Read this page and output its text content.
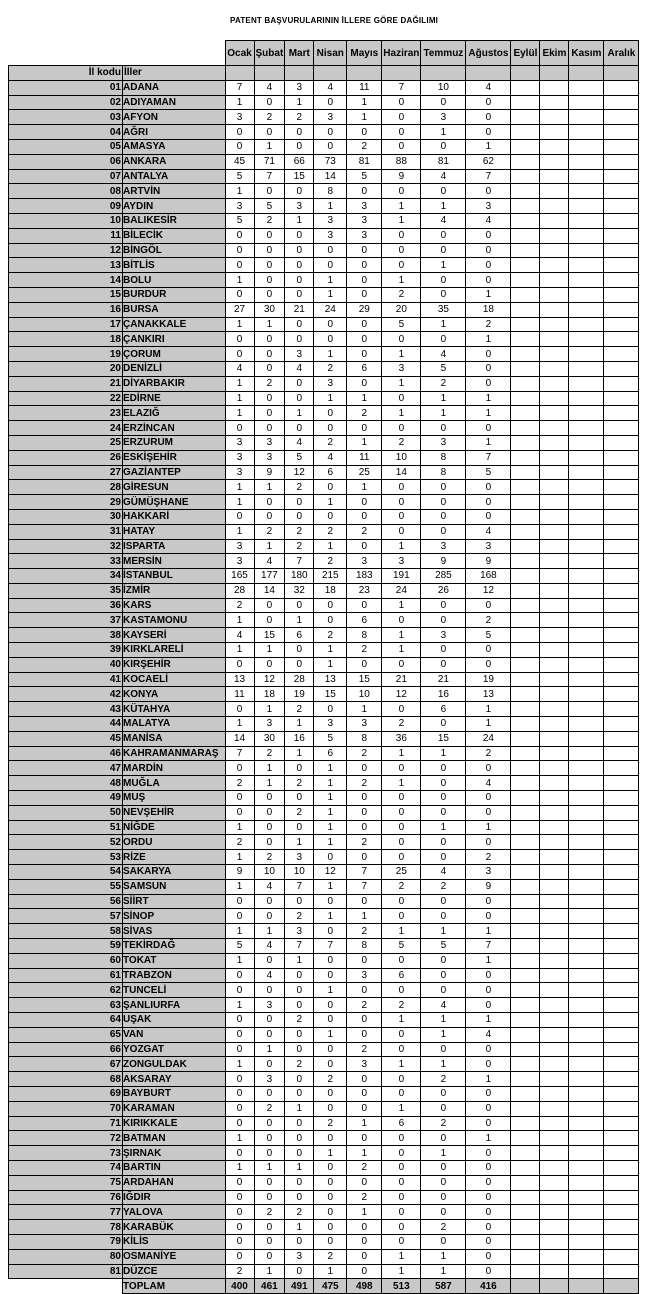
PATENT BAŞVURULARININ İLLERE GÖRE DAĞILIMI
		Ocak	Şubat	Mart	Nisan	Mayıs	Haziran	Temmuz	Ağustos	Eylül	Ekim	Kasım	Aralık
İl kodu	İller												
01	ADANA	7	4	3	4	11	7	10	4				
02	ADIYAMAN	1	0	1	0	1	0	0	0				
03	AFYON	3	2	2	3	1	0	3	0				
04	AĞRI	0	0	0	0	0	0	1	0				
05	AMASYA	0	1	0	0	2	0	0	1				
06	ANKARA	45	71	66	73	81	88	81	62				
07	ANTALYA	5	7	15	14	5	9	4	7				
08	ARTVİN	1	0	0	8	0	0	0	0				
09	AYDIN	3	5	3	1	3	1	1	3				
10	BALIKESİR	5	2	1	3	3	1	4	4				
11	BİLECİK	0	0	0	3	3	0	0	0				
12	BİNGÖL	0	0	0	0	0	0	0	0				
13	BİTLİS	0	0	0	0	0	0	1	0				
14	BOLU	1	0	0	1	0	1	0	0				
15	BURDUR	0	0	0	1	0	2	0	1				
16	BURSA	27	30	21	24	29	20	35	18				
17	ÇANAKKALE	1	1	0	0	0	5	1	2				
18	ÇANKIRI	0	0	0	0	0	0	0	1				
19	ÇORUM	0	0	3	1	0	1	4	0				
20	DENİZLİ	4	0	4	2	6	3	5	0				
21	DİYARBAKIR	1	2	0	3	0	1	2	0				
22	EDİRNE	1	0	0	1	1	0	1	1				
23	ELAZIĞ	1	0	1	0	2	1	1	1				
24	ERZİNCAN	0	0	0	0	0	0	0	0				
25	ERZURUM	3	3	4	2	1	2	3	1				
26	ESKİŞEHİR	3	3	5	4	11	10	8	7				
27	GAZİANTEP	3	9	12	6	25	14	8	5				
28	GİRESUN	1	1	2	0	1	0	0	0				
29	GÜMÜŞHANE	1	0	0	1	0	0	0	0				
30	HAKKARİ	0	0	0	0	0	0	0	0				
31	HATAY	1	2	2	2	2	0	0	4				
32	ISPARTA	3	1	2	1	0	1	3	3				
33	MERSİN	3	4	7	2	3	3	9	9				
34	İSTANBUL	165	177	180	215	183	191	285	168				
35	İZMİR	28	14	32	18	23	24	26	12				
36	KARS	2	0	0	0	0	1	0	0				
37	KASTAMONU	1	0	1	0	6	0	0	2				
38	KAYSERİ	4	15	6	2	8	1	3	5				
39	KIRKLARELİ	1	1	0	1	2	1	0	0				
40	KIRŞEHİR	0	0	0	1	0	0	0	0				
41	KOCAELİ	13	12	28	13	15	21	21	19				
42	KONYA	11	18	19	15	10	12	16	13				
43	KÜTAHYA	0	1	2	0	1	0	6	1				
44	MALATYA	1	3	1	3	3	2	0	1				
45	MANİSA	14	30	16	5	8	36	15	24				
46	KAHRAMANMARAŞ	7	2	1	6	2	1	1	2				
47	MARDİN	0	1	0	1	0	0	0	0				
48	MUĞLA	2	1	2	1	2	1	0	4				
49	MUŞ	0	0	0	1	0	0	0	0				
50	NEVŞEHİR	0	0	2	1	0	0	0	0				
51	NİĞDE	1	0	0	1	0	0	1	1				
52	ORDU	2	0	1	1	2	0	0	0				
53	RİZE	1	2	3	0	0	0	0	2				
54	SAKARYA	9	10	10	12	7	25	4	3				
55	SAMSUN	1	4	7	1	7	2	2	9				
56	SİİRT	0	0	0	0	0	0	0	0				
57	SİNOP	0	0	2	1	1	0	0	0				
58	SİVAS	1	1	3	0	2	1	1	1				
59	TEKİRDAĞ	5	4	7	7	8	5	5	7				
60	TOKAT	1	0	1	0	0	0	0	1				
61	TRABZON	0	4	0	0	3	6	0	0				
62	TUNCELİ	0	0	0	1	0	0	0	0				
63	ŞANLIURFA	1	3	0	0	2	2	4	0				
64	UŞAK	0	0	2	0	0	1	1	1				
65	VAN	0	0	0	1	0	0	1	4				
66	YOZGAT	0	1	0	0	2	0	0	0				
67	ZONGULDAK	1	0	2	0	3	1	1	0				
68	AKSARAY	0	3	0	2	0	0	2	1				
69	BAYBURT	0	0	0	0	0	0	0	0				
70	KARAMAN	0	2	1	0	0	1	0	0				
71	KIRIKKALE	0	0	0	2	1	6	2	0				
72	BATMAN	1	0	0	0	0	0	0	1				
73	ŞIRNAK	0	0	0	1	1	0	1	0				
74	BARTIN	1	1	1	0	2	0	0	0				
75	ARDAHAN	0	0	0	0	0	0	0	0				
76	IĞDIR	0	0	0	0	2	0	0	0				
77	YALOVA	0	2	2	0	1	0	0	0				
78	KARABÜK	0	0	1	0	0	0	2	0				
79	KİLİS	0	0	0	0	0	0	0	0				
80	OSMANİYE	0	0	3	2	0	1	1	0				
81	DÜZCE	2	1	0	1	0	1	1	0				
	TOPLAM	400	461	491	475	498	513	587	416				
